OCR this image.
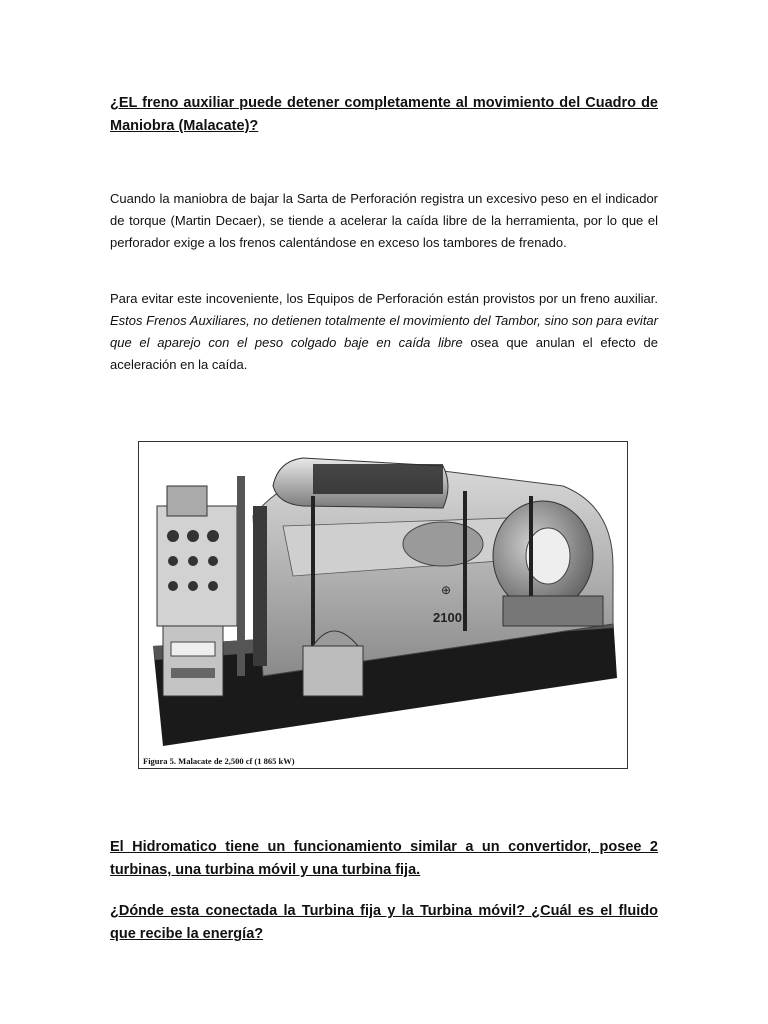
¿EL freno auxiliar puede detener completamente al movimiento del Cuadro de Maniobra (Malacate)?

Cuando la maniobra de bajar la Sarta de Perforación registra un excesivo peso en el indicador de torque (Martin Decaer), se tiende a acelerar la caída libre de la herramienta, por lo que el perforador exige a los frenos calentándose en exceso los tambores de frenado.

Para evitar este incoveniente, los Equipos de Perforación están provistos por un freno auxiliar. Estos Frenos Auxiliares, no detienen totalmente el movimiento del Tambor, sino son para evitar que el aparejo con el peso colgado baje en caída libre osea que anulan el efecto de aceleración en la caída.

El Hidromatico tiene un funcionamiento similar a un convertidor, posee 2 turbinas, una turbina móvil y una turbina fija.

¿Dónde esta conectada la Turbina fija y la Turbina móvil? ¿Cuál es el fluido que recibe la energía?

⊕
2100
Figura 5. Malacate de 2,500 cf (1 865 kW)
